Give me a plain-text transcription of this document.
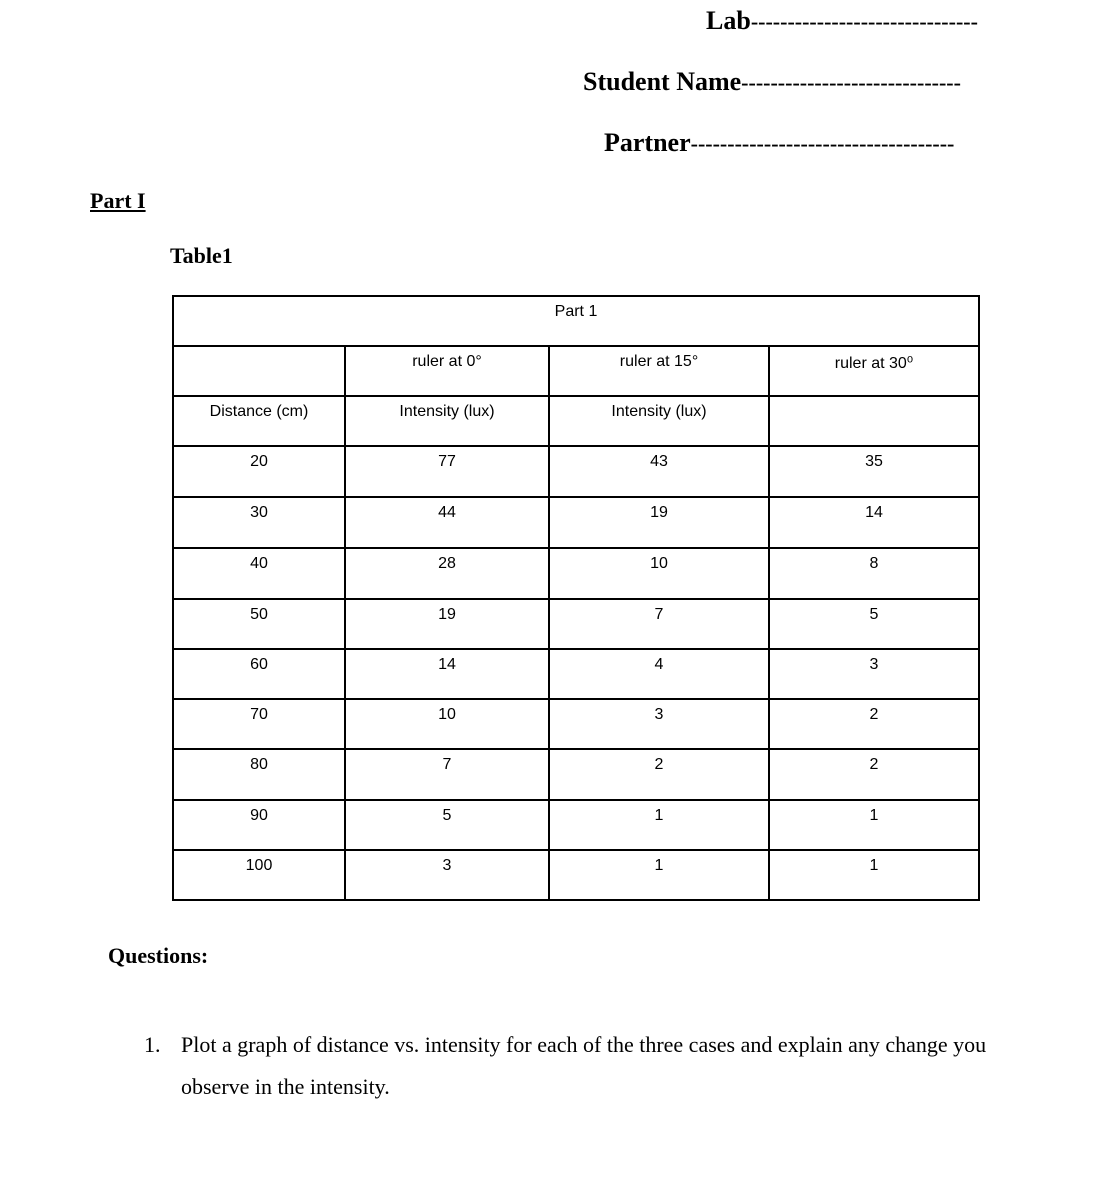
Lab-------------------------------
Student Name------------------------------
Partner------------------------------------
Part I
Table1
Part 1			

	ruler at 0°	ruler at 15°	ruler at 30⁰

Distance (cm)	Intensity (lux)	Intensity (lux)	

20	77	43	35

30	44	19	14

40	28	10	8

50	19	7	5

60	14	4	3

70	10	3	2

80	7	2	2

90	5	1	1

100	3	1	1
Questions:
1. Plot a graph of distance vs. intensity for each of the three cases and explain any change you observe in the intensity.
